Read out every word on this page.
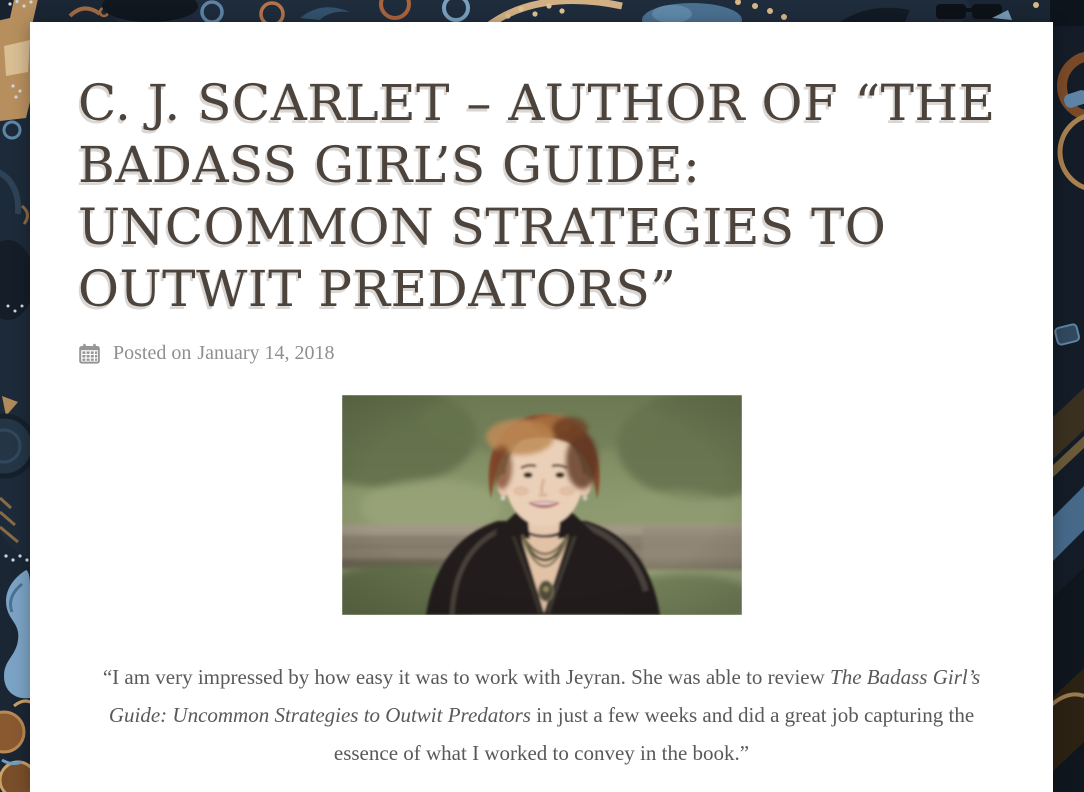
C. J. SCARLET – AUTHOR OF “THE
BADASS GIRL’S GUIDE:
UNCOMMON STRATEGIES TO
OUTWIT PREDATORS”
Posted on January 14, 2018
“I am very impressed by how easy it was to work with Jeyran. She was able to review The Badass Girl’s Guide: Uncommon Strategies to Outwit Predators in just a few weeks and did a great job capturing the essence of what I worked to convey in the book.”
